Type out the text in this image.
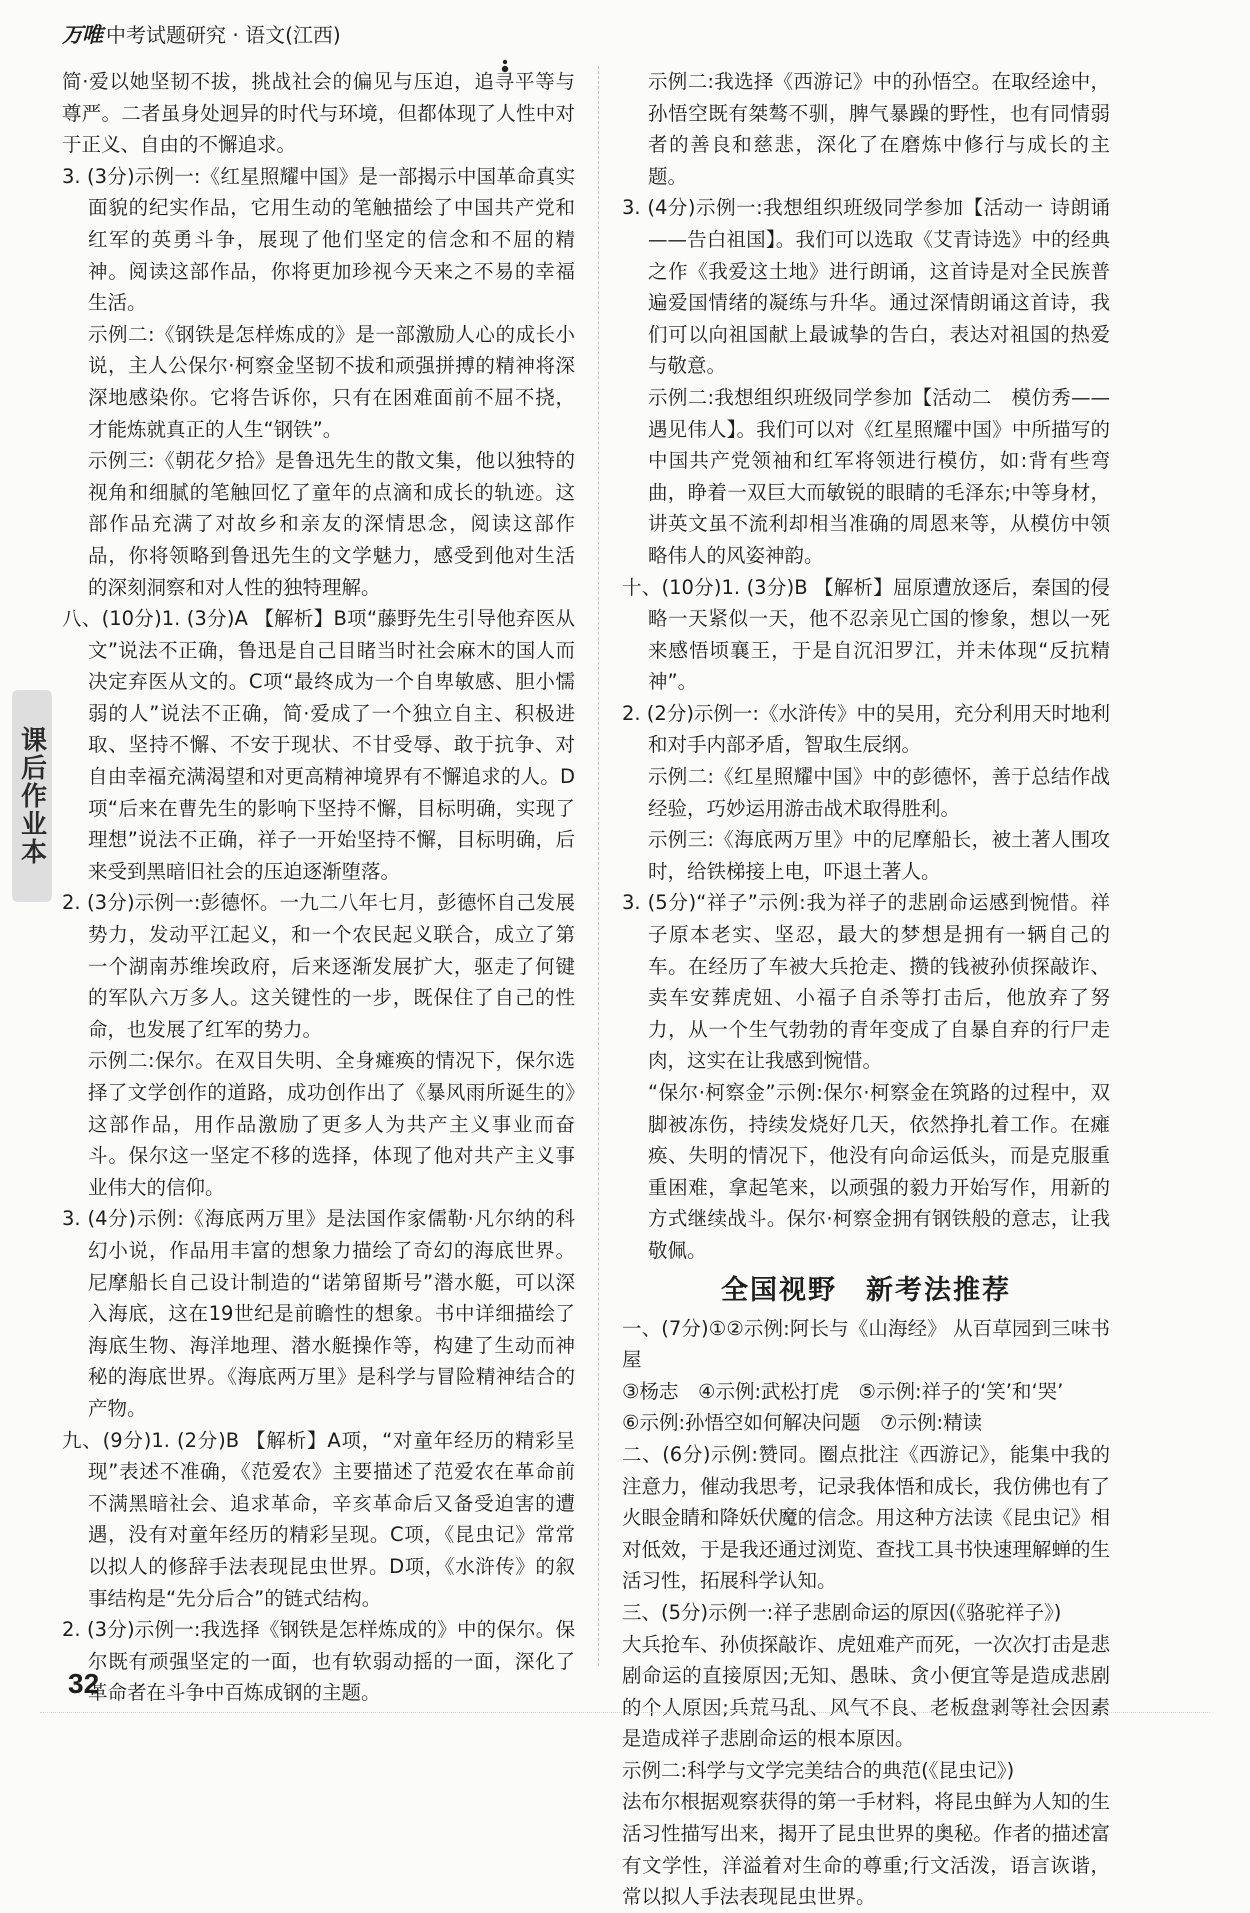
万唯 中考试题研究 · 语文(江西)
课后作业本

简·爱以她坚韧不拔，挑战社会的偏见与压迫，追寻平等与尊严。二者虽身处迥异的时代与环境，但都体现了人性中对于正义、自由的不懈追求。

3. (3分)示例一:《红星照耀中国》是一部揭示中国革命真实面貌的纪实作品，它用生动的笔触描绘了中国共产党和红军的英勇斗争，展现了他们坚定的信念和不屈的精神。阅读这部作品，你将更加珍视今天来之不易的幸福生活。

示例二:《钢铁是怎样炼成的》是一部激励人心的成长小说，主人公保尔·柯察金坚韧不拔和顽强拼搏的精神将深深地感染你。它将告诉你，只有在困难面前不屈不挠，才能炼就真正的人生“钢铁”。

示例三:《朝花夕拾》是鲁迅先生的散文集，他以独特的视角和细腻的笔触回忆了童年的点滴和成长的轨迹。这部作品充满了对故乡和亲友的深情思念，阅读这部作品，你将领略到鲁迅先生的文学魅力，感受到他对生活的深刻洞察和对人性的独特理解。

八、(10分)1. (3分)A 【解析】B项“藤野先生引导他弃医从文”说法不正确，鲁迅是自己目睹当时社会麻木的国人而决定弃医从文的。C项“最终成为一个自卑敏感、胆小懦弱的人”说法不正确，简·爱成了一个独立自主、积极进取、坚持不懈、不安于现状、不甘受辱、敢于抗争、对自由幸福充满渴望和对更高精神境界有不懈追求的人。D项“后来在曹先生的影响下坚持不懈，目标明确，实现了理想”说法不正确，祥子一开始坚持不懈，目标明确，后来受到黑暗旧社会的压迫逐渐堕落。

2. (3分)示例一:彭德怀。一九二八年七月，彭德怀自己发展势力，发动平江起义，和一个农民起义联合，成立了第一个湖南苏维埃政府，后来逐渐发展扩大，驱走了何键的军队六万多人。这关键性的一步，既保住了自己的性命，也发展了红军的势力。

示例二:保尔。在双目失明、全身瘫痪的情况下，保尔选择了文学创作的道路，成功创作出了《暴风雨所诞生的》这部作品，用作品激励了更多人为共产主义事业而奋斗。保尔这一坚定不移的选择，体现了他对共产主义事业伟大的信仰。

3. (4分)示例:《海底两万里》是法国作家儒勒·凡尔纳的科幻小说，作品用丰富的想象力描绘了奇幻的海底世界。尼摩船长自己设计制造的“诺第留斯号”潜水艇，可以深入海底，这在19世纪是前瞻性的想象。书中详细描绘了海底生物、海洋地理、潜水艇操作等，构建了生动而神秘的海底世界。《海底两万里》是科学与冒险精神结合的产物。

九、(9分)1. (2分)B 【解析】A项，“对童年经历的精彩呈现”表述不准确，《范爱农》主要描述了范爱农在革命前不满黑暗社会、追求革命，辛亥革命后又备受迫害的遭遇，没有对童年经历的精彩呈现。C项，《昆虫记》常常以拟人的修辞手法表现昆虫世界。D项，《水浒传》的叙事结构是“先分后合”的链式结构。

2. (3分)示例一:我选择《钢铁是怎样炼成的》中的保尔。保尔既有顽强坚定的一面，也有软弱动摇的一面，深化了革命者在斗争中百炼成钢的主题。

示例二:我选择《西游记》中的孙悟空。在取经途中，孙悟空既有桀骜不驯，脾气暴躁的野性，也有同情弱者的善良和慈悲，深化了在磨炼中修行与成长的主题。

3. (4分)示例一:我想组织班级同学参加【活动一 诗朗诵——告白祖国】。我们可以选取《艾青诗选》中的经典之作《我爱这土地》进行朗诵，这首诗是对全民族普遍爱国情绪的凝练与升华。通过深情朗诵这首诗，我们可以向祖国献上最诚挚的告白，表达对祖国的热爱与敬意。

示例二:我想组织班级同学参加【活动二　模仿秀——遇见伟人】。我们可以对《红星照耀中国》中所描写的中国共产党领袖和红军将领进行模仿，如:背有些弯曲，睁着一双巨大而敏锐的眼睛的毛泽东;中等身材，讲英文虽不流利却相当准确的周恩来等，从模仿中领略伟人的风姿神韵。

十、(10分)1. (3分)B 【解析】屈原遭放逐后，秦国的侵略一天紧似一天，他不忍亲见亡国的惨象，想以一死来感悟顷襄王，于是自沉汨罗江，并未体现“反抗精神”。

2. (2分)示例一:《水浒传》中的吴用，充分利用天时地利和对手内部矛盾，智取生辰纲。

示例二:《红星照耀中国》中的彭德怀，善于总结作战经验，巧妙运用游击战术取得胜利。

示例三:《海底两万里》中的尼摩船长，被土著人围攻时，给铁梯接上电，吓退土著人。

3. (5分)“祥子”示例:我为祥子的悲剧命运感到惋惜。祥子原本老实、坚忍，最大的梦想是拥有一辆自己的车。在经历了车被大兵抢走、攒的钱被孙侦探敲诈、卖车安葬虎妞、小福子自杀等打击后，他放弃了努力，从一个生气勃勃的青年变成了自暴自弃的行尸走肉，这实在让我感到惋惜。

“保尔·柯察金”示例:保尔·柯察金在筑路的过程中，双脚被冻伤，持续发烧好几天，依然挣扎着工作。在瘫痪、失明的情况下，他没有向命运低头，而是克服重重困难，拿起笔来，以顽强的毅力开始写作，用新的方式继续战斗。保尔·柯察金拥有钢铁般的意志，让我敬佩。

全国视野　新考法推荐

一、(7分)①②示例:阿长与《山海经》 从百草园到三味书屋

③杨志　④示例:武松打虎　⑤示例:祥子的‘笑’和‘哭’

⑥示例:孙悟空如何解决问题　⑦示例:精读

二、(6分)示例:赞同。圈点批注《西游记》，能集中我的注意力，催动我思考，记录我体悟和成长，我仿佛也有了火眼金睛和降妖伏魔的信念。用这种方法读《昆虫记》相对低效，于是我还通过浏览、查找工具书快速理解蝉的生活习性，拓展科学认知。

三、(5分)示例一:祥子悲剧命运的原因(《骆驼祥子》)

大兵抢车、孙侦探敲诈、虎妞难产而死，一次次打击是悲剧命运的直接原因;无知、愚昧、贪小便宜等是造成悲剧的个人原因;兵荒马乱、风气不良、老板盘剥等社会因素是造成祥子悲剧命运的根本原因。

示例二:科学与文学完美结合的典范(《昆虫记》)

法布尔根据观察获得的第一手材料，将昆虫鲜为人知的生活习性描写出来，揭开了昆虫世界的奥秘。作者的描述富有文学性，洋溢着对生命的尊重;行文活泼，语言诙谐，常以拟人手法表现昆虫世界。

32
